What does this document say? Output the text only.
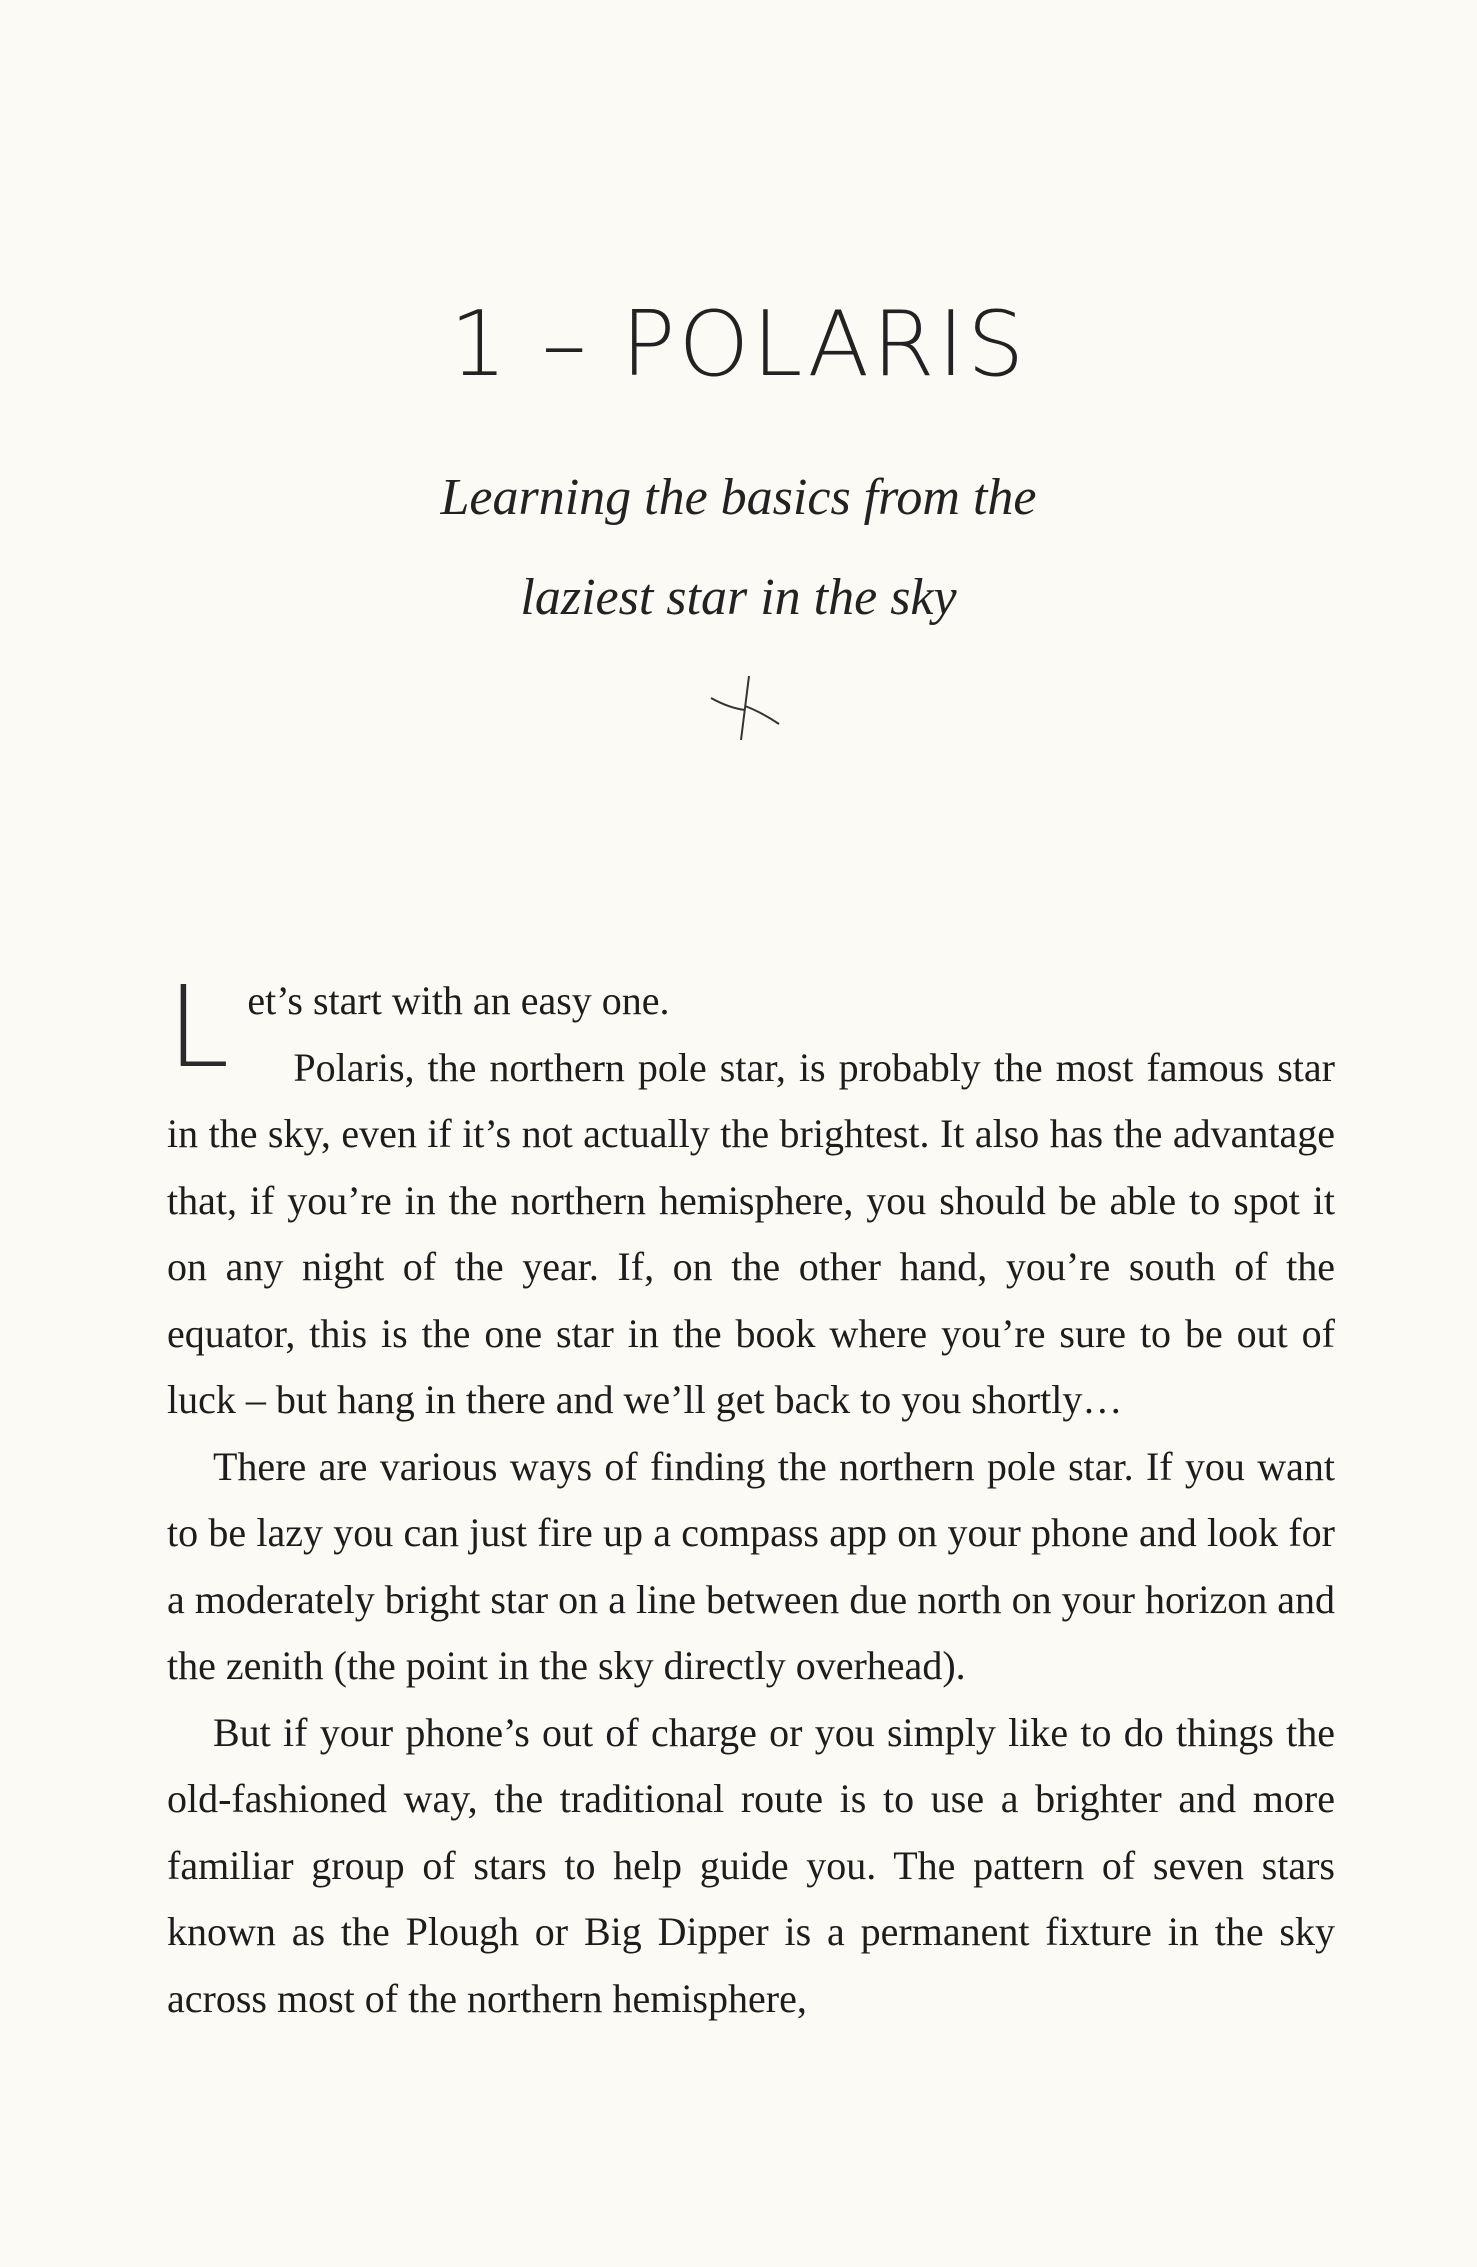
1 – POLARIS
Learning the basics from the
laziest star in the sky

Let’s start with an easy one.

Polaris, the northern pole star, is probably the most famous star in the sky, even if it’s not actually the brightest. It also has the advantage that, if you’re in the northern hemisphere, you should be able to spot it on any night of the year. If, on the other hand, you’re south of the equator, this is the one star in the book where you’re sure to be out of luck – but hang in there and we’ll get back to you shortly…

There are various ways of finding the northern pole star. If you want to be lazy you can just fire up a compass app on your phone and look for a moderately bright star on a line between due north on your horizon and the zenith (the point in the sky directly overhead).

But if your phone’s out of charge or you simply like to do things the old-fashioned way, the traditional route is to use a brighter and more familiar group of stars to help guide you. The pattern of seven stars known as the Plough or Big Dipper is a permanent fixture in the sky across most of the northern hemisphere,
